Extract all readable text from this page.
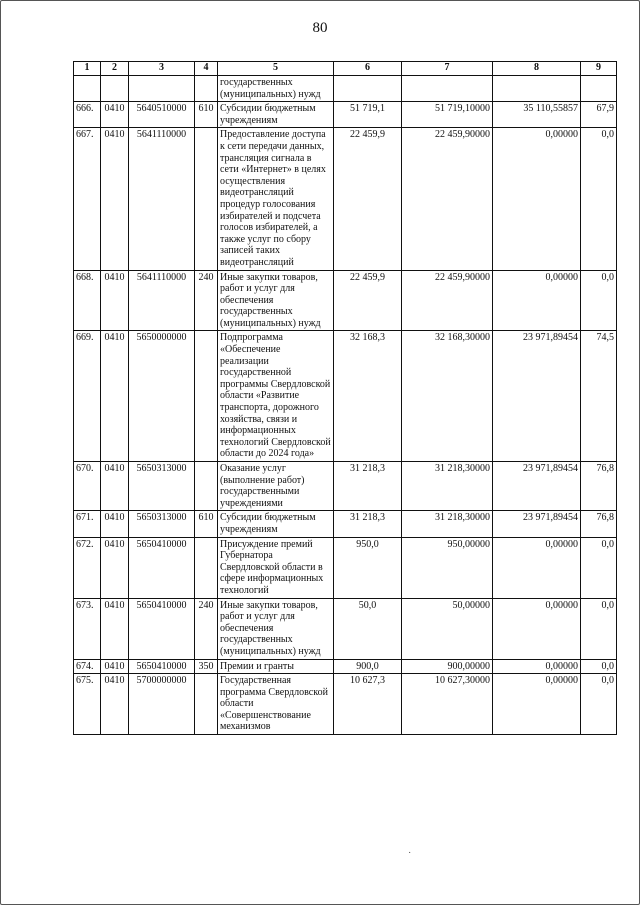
80
1	2	3	4	5	6	7	8	9
				государственных (муниципальных) нужд				
666.	0410	5640510000	610	Субсидии бюджетным учреждениям	51 719,1	51 719,10000	35 110,55857	67,9
667.	0410	5641110000		Предоставление доступа к сети передачи данных, трансляция сигнала в сети «Интернет» в целях осуществления видеотрансляций процедур голосования избирателей и подсчета голосов избирателей, а также услуг по сбору записей таких видеотрансляций	22 459,9	22 459,90000	0,00000	0,0
668.	0410	5641110000	240	Иные закупки товаров, работ и услуг для обеспечения государственных (муниципальных) нужд	22 459,9	22 459,90000	0,00000	0,0
669.	0410	5650000000		Подпрограмма «Обеспечение реализации государственной программы Свердловской области «Развитие транспорта, дорожного хозяйства, связи и информационных технологий Свердловской области до 2024 года»	32 168,3	32 168,30000	23 971,89454	74,5
670.	0410	5650313000		Оказание услуг (выполнение работ) государственными учреждениями	31 218,3	31 218,30000	23 971,89454	76,8
671.	0410	5650313000	610	Субсидии бюджетным учреждениям	31 218,3	31 218,30000	23 971,89454	76,8
672.	0410	5650410000		Присуждение премий Губернатора Свердловской области в сфере информационных технологий	950,0	950,00000	0,00000	0,0
673.	0410	5650410000	240	Иные закупки товаров, работ и услуг для обеспечения государственных (муниципальных) нужд	50,0	50,00000	0,00000	0,0
674.	0410	5650410000	350	Премии и гранты	900,0	900,00000	0,00000	0,0
675.	0410	5700000000		Государственная программа Свердловской области «Совершенствование механизмов	10 627,3	10 627,30000	0,00000	0,0
˙
